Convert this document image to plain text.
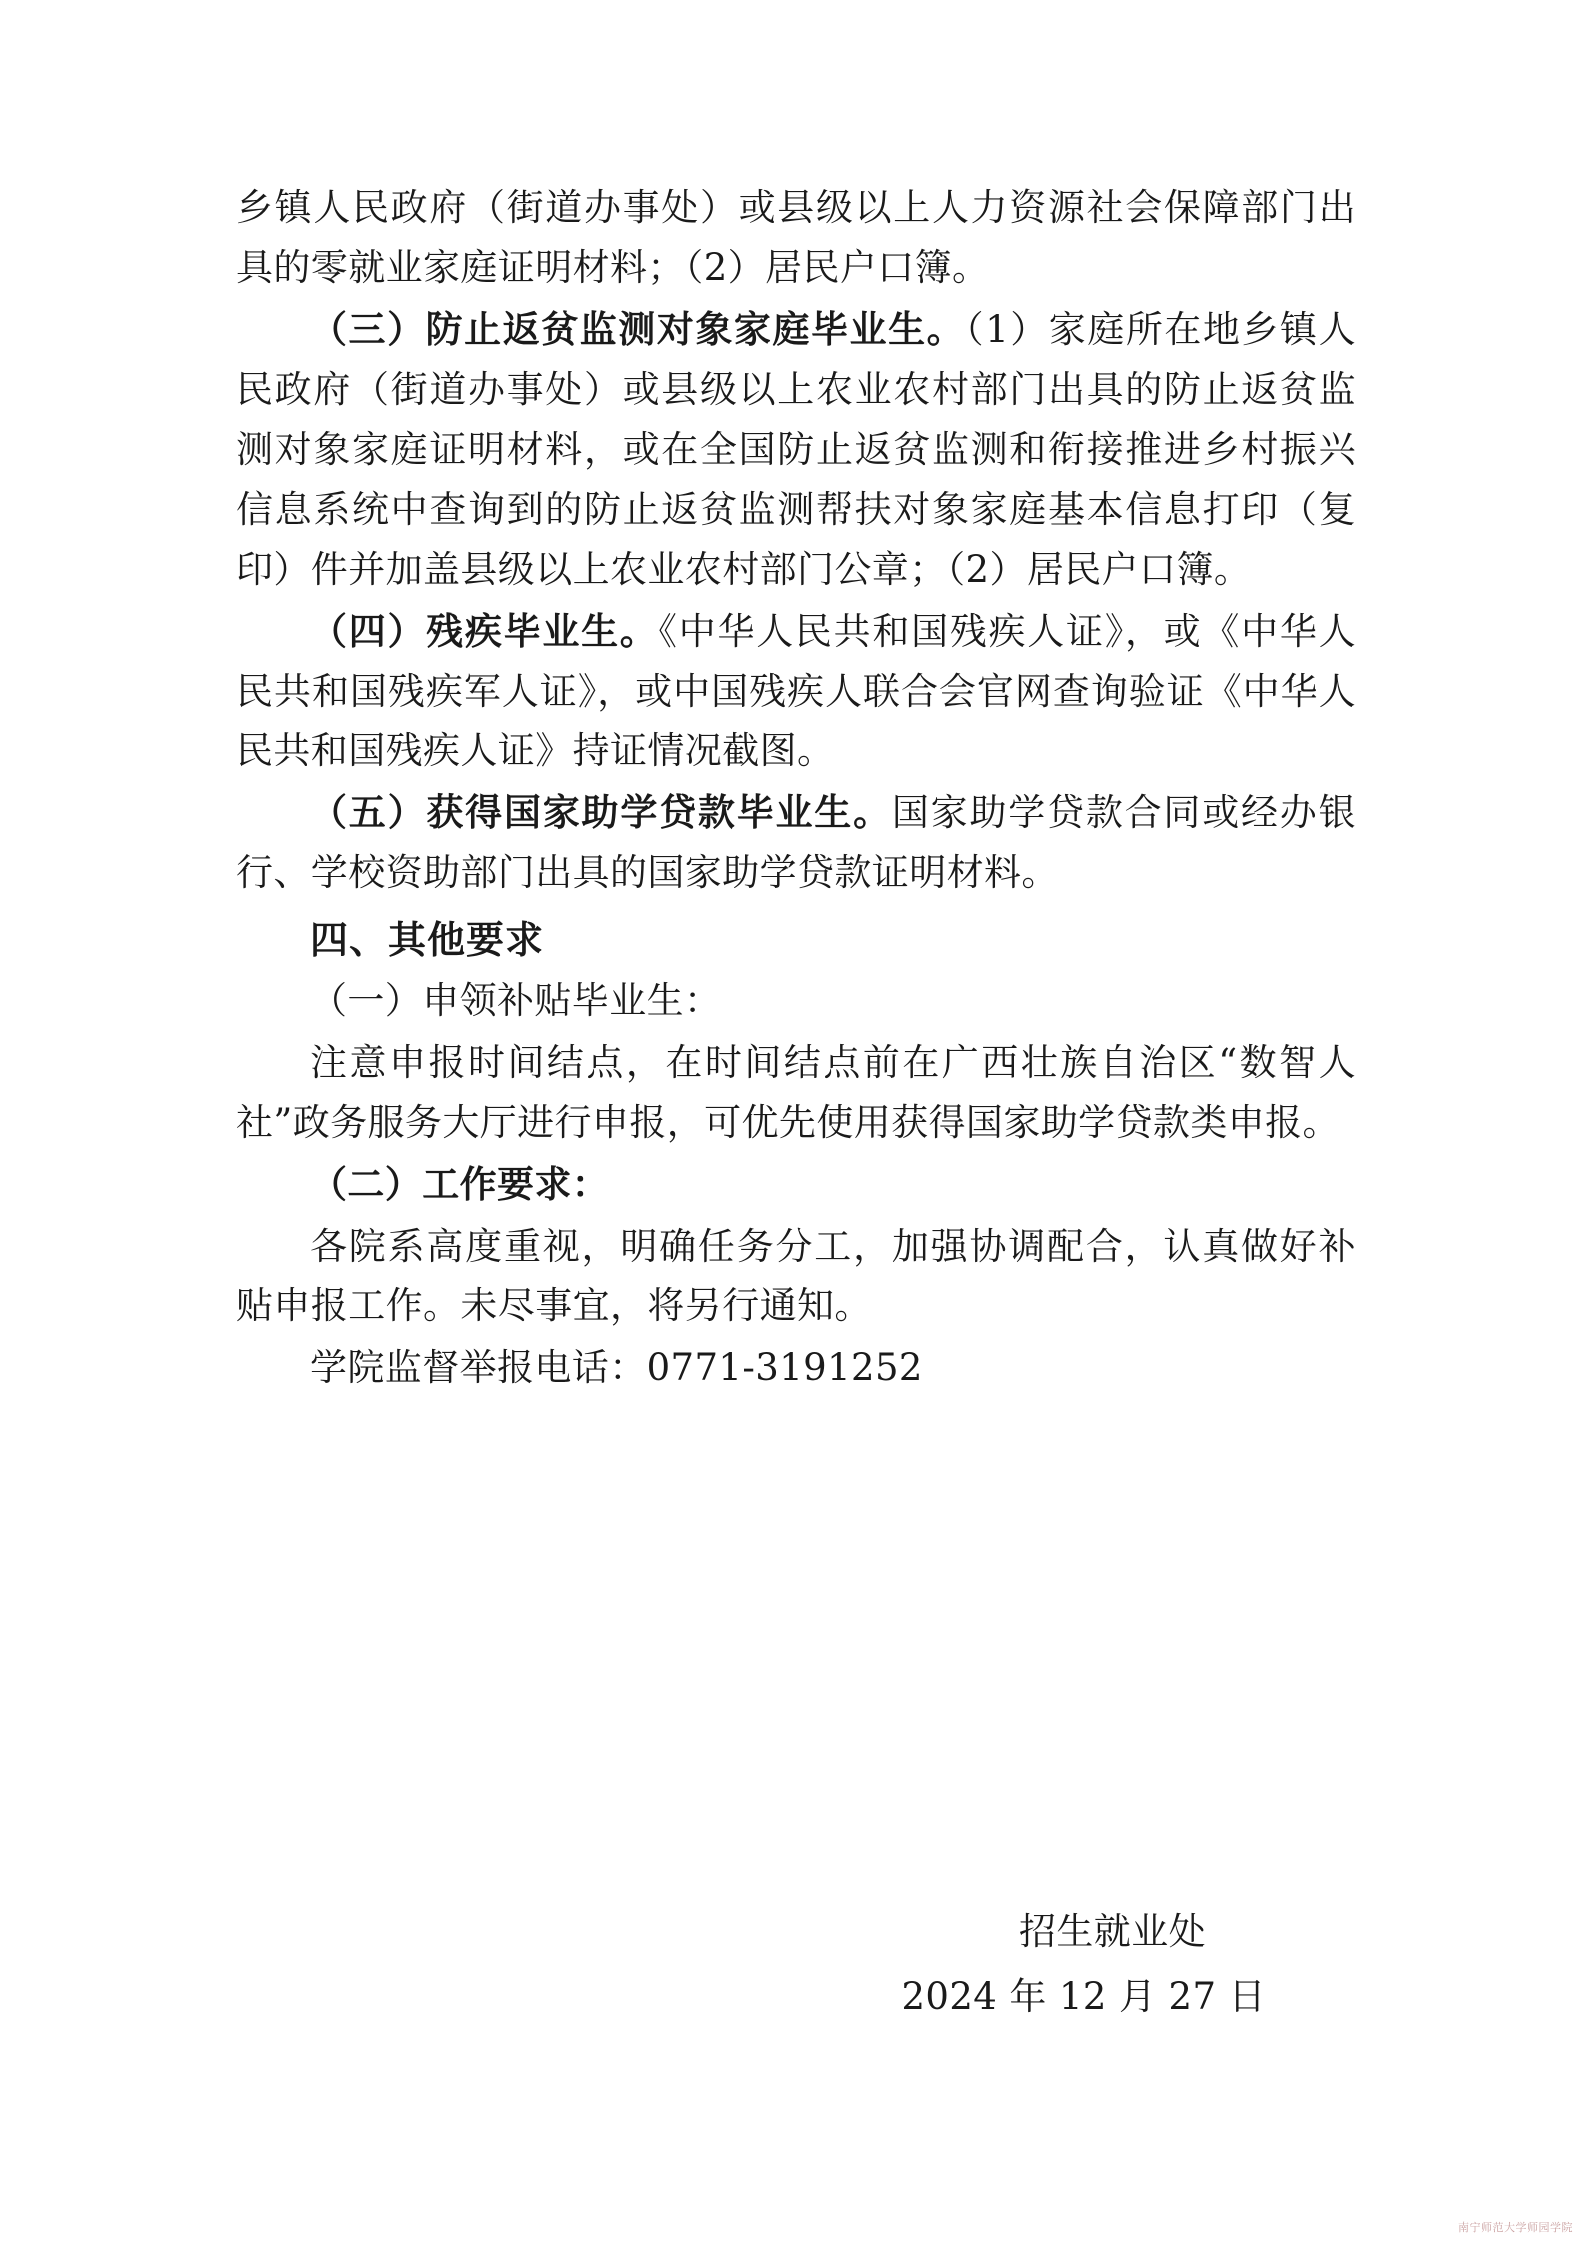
乡镇人民政府（街道办事处）或县级以上人力资源社会保障部门出具的零就业家庭证明材料；（2）居民户口簿。

（三）防止返贫监测对象家庭毕业生。（1）家庭所在地乡镇人民政府（街道办事处）或县级以上农业农村部门出具的防止返贫监测对象家庭证明材料，或在全国防止返贫监测和衔接推进乡村振兴信息系统中查询到的防止返贫监测帮扶对象家庭基本信息打印（复印）件并加盖县级以上农业农村部门公章；（2）居民户口簿。

（四）残疾毕业生。《中华人民共和国残疾人证》，或《中华人民共和国残疾军人证》，或中国残疾人联合会官网查询验证《中华人民共和国残疾人证》持证情况截图。

（五）获得国家助学贷款毕业生。国家助学贷款合同或经办银行、学校资助部门出具的国家助学贷款证明材料。

四、其他要求

（一）申领补贴毕业生：

注意申报时间结点，在时间结点前在广西壮族自治区“数智人社”政务服务大厅进行申报，可优先使用获得国家助学贷款类申报。

（二）工作要求：

各院系高度重视，明确任务分工，加强协调配合，认真做好补贴申报工作。未尽事宜，将另行通知。

学院监督举报电话：0771-3191252

招生就业处

2024 年 12 月 27 日

南宁师范大学师园学院
